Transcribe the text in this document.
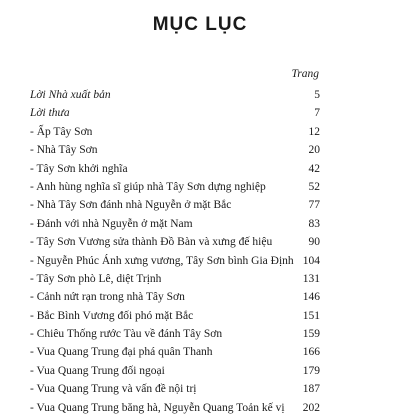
MỤC LỤC
Trang
Lời Nhà xuất bản	5
Lời thưa	7
- Ấp Tây Sơn	12
- Nhà Tây Sơn	20
- Tây Sơn khởi nghĩa	42
- Anh hùng nghĩa sĩ giúp nhà Tây Sơn dựng nghiệp	52
- Nhà Tây Sơn đánh nhà Nguyễn ở mặt Bắc	77
- Đánh với nhà Nguyễn ở mặt Nam	83
- Tây Sơn Vương sửa thành Đồ Bàn và xưng đế hiệu	90
- Nguyễn Phúc Ánh xưng vương, Tây Sơn bình Gia Định 104
- Tây Sơn phò Lê, diệt Trịnh	131
- Cảnh nứt rạn trong nhà Tây Sơn	146
- Bắc Bình Vương đối phó mặt Bắc	151
- Chiêu Thống rước Tàu về đánh Tây Sơn	159
- Vua Quang Trung đại phá quân Thanh	166
- Vua Quang Trung đối ngoại	179
- Vua Quang Trung và vấn đề nội trị	187
- Vua Quang Trung băng hà, Nguyễn Quang Toản kế vị	202
